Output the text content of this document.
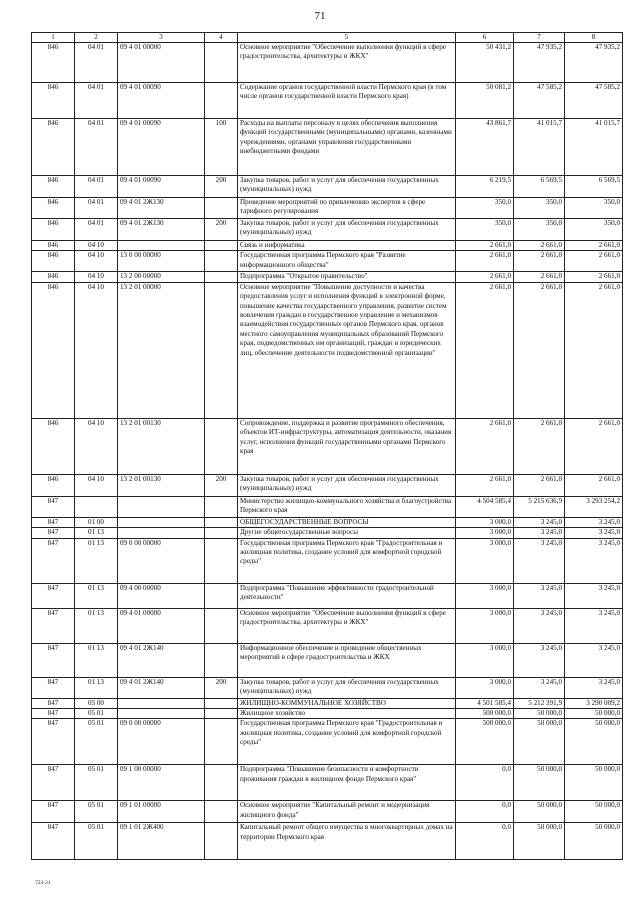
71
1	2	3	4	5	6	7	8
846	04 01	09 4 01 00000		Основное мероприятие "Обеспечение выполнения функций в сфере градостроительства, архитектуры и ЖКХ"	50 431,2	47 935,2	47 935,2
846	04 01	09 4 01 00090		Содержание органов государственной власти Пермского края (в том числе органов государственной власти Пермского края)	50 081,2	47 585,2	47 585,2
846	04 01	09 4 01 00090	100	Расходы на выплаты персоналу в целях обеспечения выполнения функций государственными (муниципальными) органами, казенными учреждениями, органами управления государственными внебюджетными фондами	43 861,7	41 015,7	41 015,7
846	04 01	09 4 01 00090	200	Закупка товаров, работ и услуг для обеспечения государственных (муниципальных) нужд	6 219,5	6 569,5	6 569,5
846	04 01	09 4 01 2Ж130		Проведение мероприятий по привлечению экспертов в сфере тарифного регулирования	350,0	350,0	350,0
846	04 01	09 4 01 2Ж130	200	Закупка товаров, работ и услуг для обеспечения государственных (муниципальных) нужд	350,0	350,0	350,0
846	04 10			Связь и информатика	2 661,0	2 661,0	2 661,0
846	04 10	13 0 00 00000		Государственная программа Пермского края "Развитие информационного общества"	2 661,0	2 661,0	2 661,0
846	04 10	13 2 00 00000		Подпрограмма "Открытое правительство"	2 661,0	2 661,0	2 661,0
846	04 10	13 2 01 00000		Основное мероприятие "Повышение доступности и качества предоставления услуг и исполнения функций в электронной форме, повышение качества государственного управления, развитие систем вовлечения граждан в государственное управление и механизмов взаимодействия государственных органов Пермского края, органов местного самоуправления муниципальных образований Пермского края, подведомственных им организаций, граждан и юридических лиц, обеспечение деятельности подведомственной организации"	2 661,0	2 661,0	2 661,0
846	04 10	13 2 01 00130		Сопровождение, поддержка и развитие программного обеспечения, объектов ИТ-инфраструктуры, автоматизация деятельности, оказания услуг, исполнения функций государственными органами Пермского края	2 661,0	2 661,0	2 661,0
846	04 10	13 2 01 00130	200	Закупка товаров, работ и услуг для обеспечения государственных (муниципальных) нужд	2 661,0	2 661,0	2 661,0
847				Министерство жилищно-коммунального хозяйства и благоустройства Пермского края	4 504 585,4	5 215 636,9	3 293 254,2
847	01 00			ОБЩЕГОСУДАРСТВЕННЫЕ ВОПРОСЫ	3 000,0	3 245,0	3 245,0
847	01 13			Другие общегосударственные вопросы	3 000,0	3 245,0	3 245,0
847	01 13	09 0 00 00000		Государственная программа Пермского края "Градостроительная и жилищная политика, создание условий для комфортной городской среды"	3 000,0	3 245,0	3 245,0
847	01 13	09 4 00 00000		Подпрограмма "Повышение эффективности градостроительной деятельности"	3 000,0	3 245,0	3 245,0
847	01 13	09 4 01 00000		Основное мероприятие "Обеспечение выполнения функций в сфере градостроительства, архитектуры и ЖКХ"	3 000,0	3 245,0	3 245,0
847	01 13	09 4 01 2Ж140		Информационное обеспечение и проведение общественных мероприятий в сфере градостроительства и ЖКХ	3 000,0	3 245,0	3 245,0
847	01 13	09 4 01 2Ж140	200	Закупка товаров, работ и услуг для обеспечения государственных (муниципальных) нужд	3 000,0	3 245,0	3 245,0
847	05 00			ЖИЛИЩНО-КОММУНАЛЬНОЕ ХОЗЯЙСТВО	4 501 585,4	5 212 391,9	3 290 009,2
847	05 01			Жилищное хозяйство	500 000,0	50 000,0	50 000,0
847	05 01	09 0 00 00000		Государственная программа Пермского края "Градостроительная и жилищная политика, создание условий для комфортной городской среды"	500 000,0	50 000,0	50 000,0
847	05 01	09 1 00 00000		Подпрограмма "Повышение безопасности и комфортности проживания граждан в жилищном фонде Пермского края"	0,0	50 000,0	50 000,0
847	05 01	09 1 01 00000		Основное мероприятие "Капитальный ремонт и модернизация жилищного фонда"	0,0	50 000,0	50 000,0
847	05 01	09 1 01 2Ж400		Капитальный ремонт общего имущества в многоквартирных домах на территории Пермского края	0,0	50 000,0	50 000,0
723-21
